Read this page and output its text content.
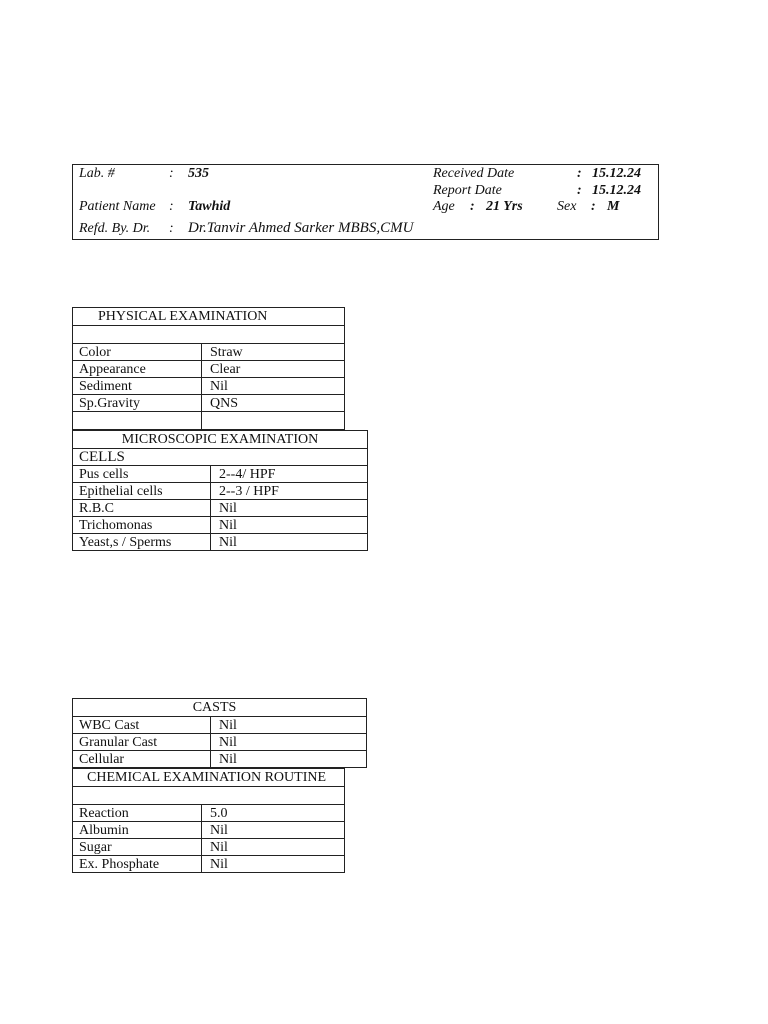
Lab. #	: 535
Patient Name : Tawhid
Refd. By. Dr. : Dr.Tanvir Ahmed Sarker MBBS,CMU
Received Date	: 15.12.24
Report Date	: 15.12.24
Age : 21 Yrs Sex : M
PHYSICAL EXAMINATION	

Color	Straw
Appearance	Clear
Sediment	Nil
Sp.Gravity	QNS

MICROSCOPIC EXAMINATION	
CELLS	
Pus cells	2--4/ HPF
Epithelial cells	2--3 / HPF
R.B.C	Nil
Trichomonas	Nil
Yeast,s / Sperms	Nil
CASTS	
WBC Cast	Nil
Granular Cast	Nil
Cellular	Nil
CHEMICAL EXAMINATION ROUTINE	

Reaction	5.0
Albumin	Nil
Sugar	Nil
Ex. Phosphate	Nil
